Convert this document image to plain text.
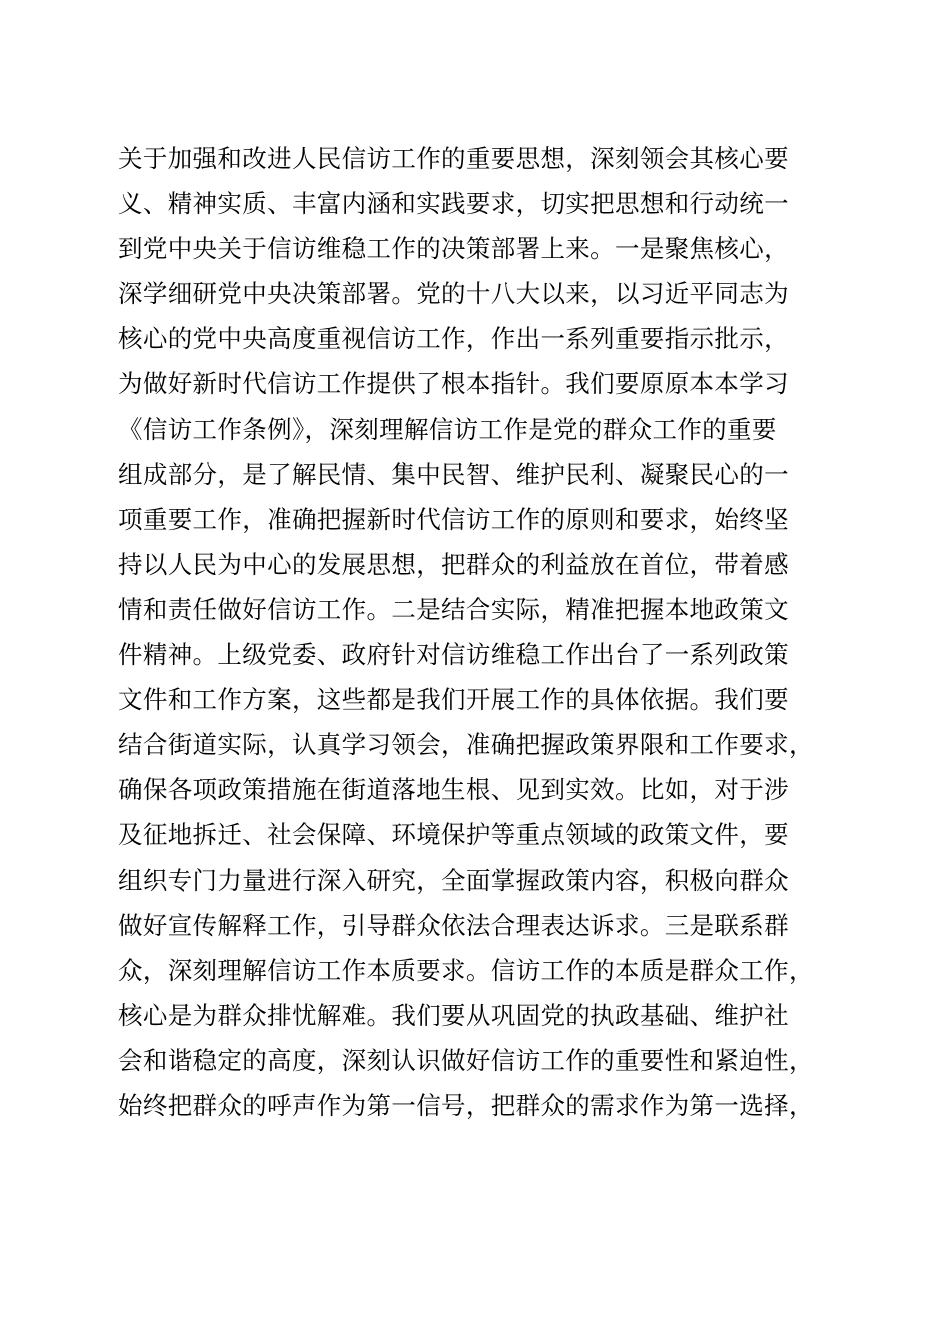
关于加强和改进人民信访工作的重要思想，深刻领会其核心要
义、精神实质、丰富内涵和实践要求，切实把思想和行动统一
到党中央关于信访维稳工作的决策部署上来。一是聚焦核心，
深学细研党中央决策部署。党的十八大以来，以习近平同志为
核心的党中央高度重视信访工作，作出一系列重要指示批示，
为做好新时代信访工作提供了根本指针。我们要原原本本学习
《信访工作条例》，深刻理解信访工作是党的群众工作的重要
组成部分，是了解民情、集中民智、维护民利、凝聚民心的一
项重要工作，准确把握新时代信访工作的原则和要求，始终坚
持以人民为中心的发展思想，把群众的利益放在首位，带着感
情和责任做好信访工作。二是结合实际，精准把握本地政策文
件精神。上级党委、政府针对信访维稳工作出台了一系列政策
文件和工作方案，这些都是我们开展工作的具体依据。我们要
结合街道实际，认真学习领会，准确把握政策界限和工作要求，
确保各项政策措施在街道落地生根、见到实效。比如，对于涉
及征地拆迁、社会保障、环境保护等重点领域的政策文件，要
组织专门力量进行深入研究，全面掌握政策内容，积极向群众
做好宣传解释工作，引导群众依法合理表达诉求。三是联系群
众，深刻理解信访工作本质要求。信访工作的本质是群众工作，
核心是为群众排忧解难。我们要从巩固党的执政基础、维护社
会和谐稳定的高度，深刻认识做好信访工作的重要性和紧迫性，
始终把群众的呼声作为第一信号，把群众的需求作为第一选择，
